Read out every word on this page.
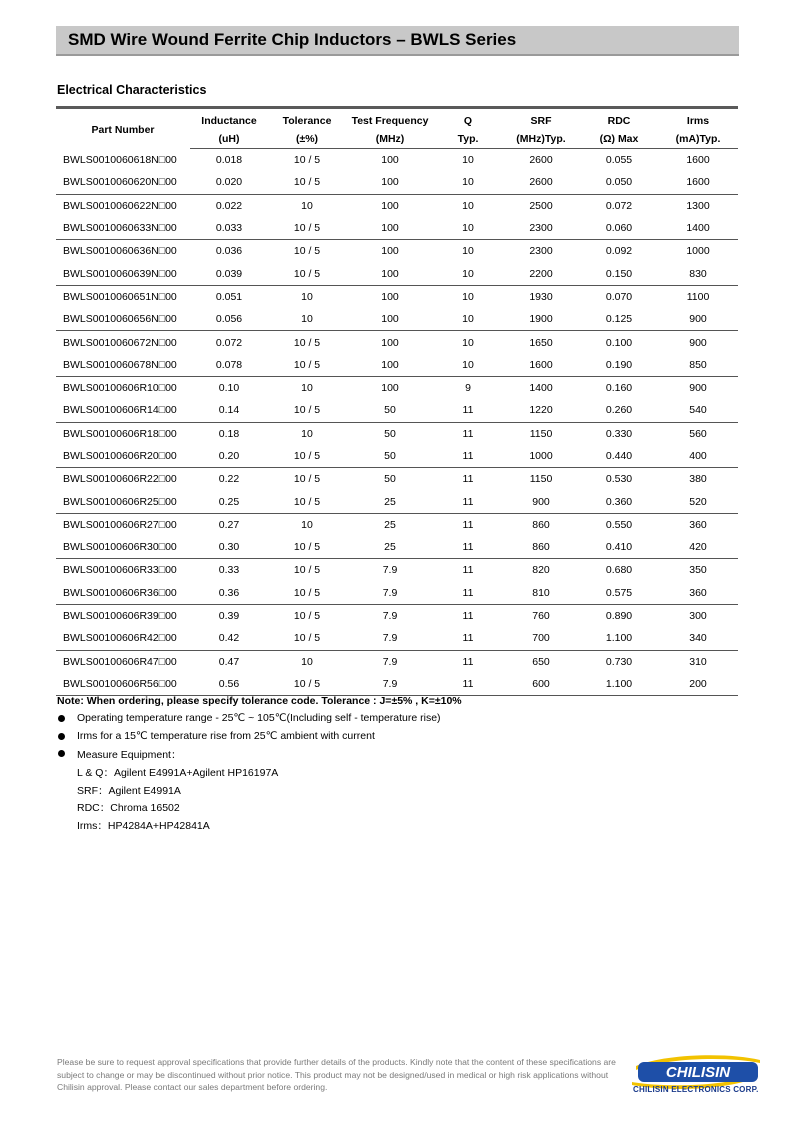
SMD Wire Wound Ferrite Chip Inductors – BWLS Series
Electrical Characteristics
Part Number	Inductance	Tolerance	Test Frequency	Q	SRF	RDC	Irms
	(uH)	(±%)	(MHz)	Typ.	(MHz)Typ.	(Ω) Max	(mA)Typ.
BWLS0010060618N□00	0.018	10 / 5	100	10	2600	0.055	1600
BWLS0010060620N□00	0.020	10 / 5	100	10	2600	0.050	1600
BWLS0010060622N□00	0.022	10	100	10	2500	0.072	1300
BWLS0010060633N□00	0.033	10 / 5	100	10	2300	0.060	1400
BWLS0010060636N□00	0.036	10 / 5	100	10	2300	0.092	1000
BWLS0010060639N□00	0.039	10 / 5	100	10	2200	0.150	830
BWLS0010060651N□00	0.051	10	100	10	1930	0.070	1100
BWLS0010060656N□00	0.056	10	100	10	1900	0.125	900
BWLS0010060672N□00	0.072	10 / 5	100	10	1650	0.100	900
BWLS0010060678N□00	0.078	10 / 5	100	10	1600	0.190	850
BWLS00100606R10□00	0.10	10	100	9	1400	0.160	900
BWLS00100606R14□00	0.14	10 / 5	50	11	1220	0.260	540
BWLS00100606R18□00	0.18	10	50	11	1150	0.330	560
BWLS00100606R20□00	0.20	10 / 5	50	11	1000	0.440	400
BWLS00100606R22□00	0.22	10 / 5	50	11	1150	0.530	380
BWLS00100606R25□00	0.25	10 / 5	25	11	900	0.360	520
BWLS00100606R27□00	0.27	10	25	11	860	0.550	360
BWLS00100606R30□00	0.30	10 / 5	25	11	860	0.410	420
BWLS00100606R33□00	0.33	10 / 5	7.9	11	820	0.680	350
BWLS00100606R36□00	0.36	10 / 5	7.9	11	810	0.575	360
BWLS00100606R39□00	0.39	10 / 5	7.9	11	760	0.890	300
BWLS00100606R42□00	0.42	10 / 5	7.9	11	700	1.100	340
BWLS00100606R47□00	0.47	10	7.9	11	650	0.730	310
BWLS00100606R56□00	0.56	10 / 5	7.9	11	600	1.100	200
Note: When ordering, please specify tolerance code. Tolerance : J=±5% , K=±10%
Operating temperature range - 25℃ ~ 105℃(Including self - temperature rise)
Irms for a 15℃ temperature rise from 25℃ ambient with current
Measure Equipment：
L & Q：Agilent E4991A+Agilent HP16197A
SRF：Agilent E4991A
RDC：Chroma 16502
Irms：HP4284A+HP42841A
Please be sure to request approval specifications that provide further details of the products. Kindly note that the content of these specifications are subject to change or may be discontinued without prior notice. This product may not be designed/used in medical or high risk applications without Chilisin approval. Please contact our sales department before ordering.
CHILISIN
CHILISIN ELECTRONICS CORP.
